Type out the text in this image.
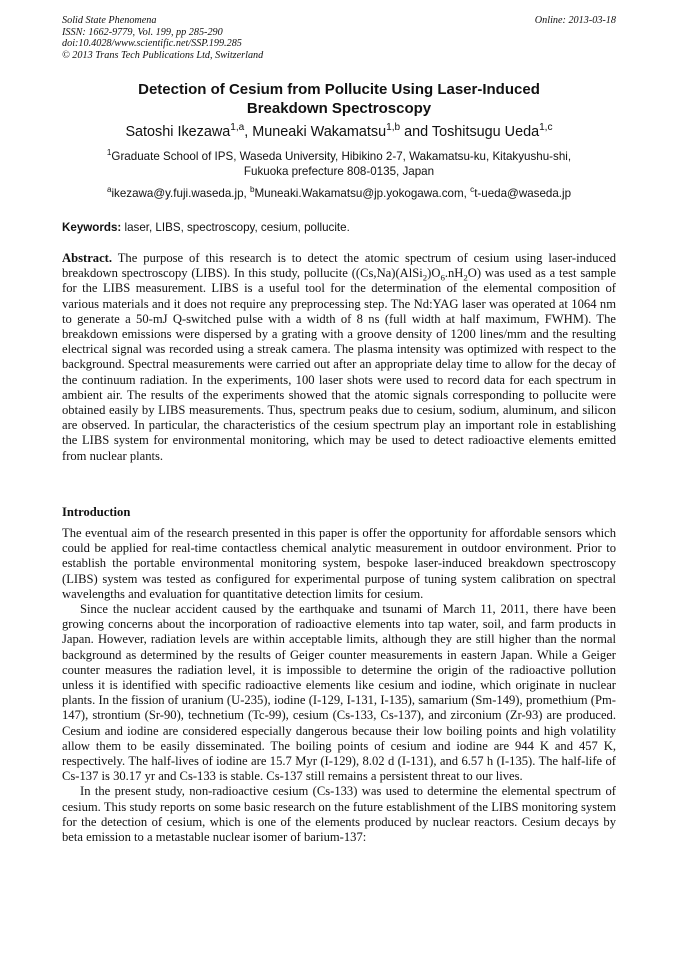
Solid State Phenomena
ISSN: 1662-9779, Vol. 199, pp 285-290
doi:10.4028/www.scientific.net/SSP.199.285
© 2013 Trans Tech Publications Ltd, Switzerland
Online: 2013-03-18
Detection of Cesium from Pollucite Using Laser-Induced
Breakdown Spectroscopy
Satoshi Ikezawa$^{1,a}$, Muneaki Wakamatsu$^{1,b}$ and Toshitsugu Ueda$^{1,c}$
$^1$Graduate School of IPS, Waseda University, Hibikino 2-7, Wakamatsu-ku, Kitakyushu-shi,
Fukuoka prefecture 808-0135, Japan
$^a$ikezawa@y.fuji.waseda.jp, $^b$Muneaki.Wakamatsu@jp.yokogawa.com, $^c$t-ueda@waseda.jp
Keywords: laser, LIBS, spectroscopy, cesium, pollucite.
Abstract. The purpose of this research is to detect the atomic spectrum of cesium using laser-induced breakdown spectroscopy (LIBS). In this study, pollucite $((Cs,Na)(AlSi_2)O_6.nH_2O)$ was used as a test sample for the LIBS measurement. LIBS is a useful tool for the determination of the elemental composition of various materials and it does not require any preprocessing step. The Nd:YAG laser was operated at 1064 nm to generate a 50-mJ Q-switched pulse with a width of 8 ns (full width at half maximum, FWHM). The breakdown emissions were dispersed by a grating with a groove density of 1200 lines/mm and the resulting electrical signal was recorded using a streak camera. The plasma intensity was optimized with respect to the background. Spectral measurements were carried out after an appropriate delay time to allow for the decay of the continuum radiation. In the experiments, 100 laser shots were used to record data for each spectrum in ambient air. The results of the experiments showed that the atomic signals corresponding to pollucite were obtained easily by LIBS measurements. Thus, spectrum peaks due to cesium, sodium, aluminum, and silicon are observed. In particular, the characteristics of the cesium spectrum play an important role in establishing the LIBS system for environmental monitoring, which may be used to detect radioactive elements emitted from nuclear plants.
Introduction

The eventual aim of the research presented in this paper is offer the opportunity for affordable sensors which could be applied for real-time contactless chemical analytic measurement in outdoor environment. Prior to establish the portable environmental monitoring system, bespoke laser-induced breakdown spectroscopy (LIBS) system was tested as configured for experimental purpose of tuning system calibration on spectral wavelengths and evaluation for quantitative detection limits for cesium.

Since the nuclear accident caused by the earthquake and tsunami of March 11, 2011, there have been growing concerns about the incorporation of radioactive elements into tap water, soil, and farm products in Japan. However, radiation levels are within acceptable limits, although they are still higher than the normal background as determined by the results of Geiger counter measurements in eastern Japan. While a Geiger counter measures the radiation level, it is impossible to determine the origin of the radioactive pollution unless it is identified with specific radioactive elements like cesium and iodine, which originate in nuclear plants. In the fission of uranium (U-235), iodine (I-129, I-131, I-135), samarium (Sm-149), promethium (Pm-147), strontium (Sr-90), technetium (Tc-99), cesium (Cs-133, Cs-137), and zirconium (Zr-93) are produced. Cesium and iodine are considered especially dangerous because their low boiling points and high volatility allow them to be easily disseminated. The boiling points of cesium and iodine are 944 K and 457 K, respectively. The half-lives of iodine are 15.7 Myr (I-129), 8.02 d (I-131), and 6.57 h (I-135). The half-life of Cs-137 is 30.17 yr and Cs-133 is stable. Cs-137 still remains a persistent threat to our lives.

In the present study, non-radioactive cesium (Cs-133) was used to determine the elemental spectrum of cesium. This study reports on some basic research on the future establishment of the LIBS monitoring system for the detection of cesium, which is one of the elements produced by nuclear reactors. Cesium decays by beta emission to a metastable nuclear isomer of barium-137:
